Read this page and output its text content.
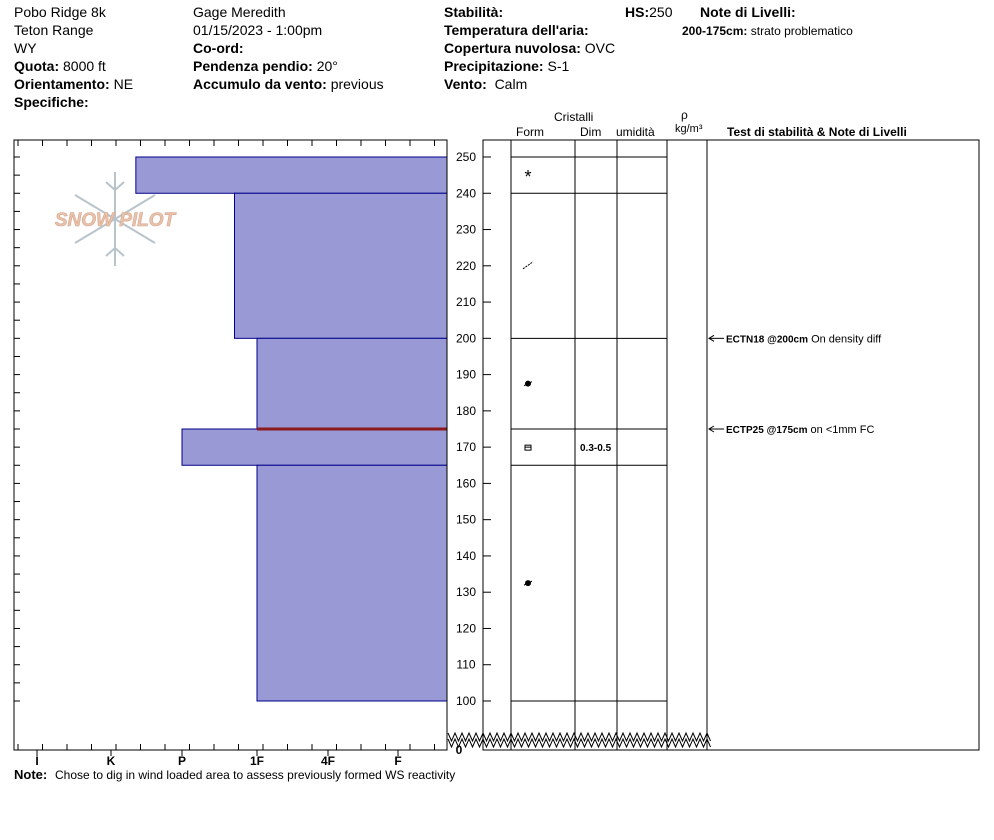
Pobo Ridge 8k
Teton Range
WY
Quota: 8000 ft
Orientamento: NE
Specifiche:
Gage Meredith
01/15/2023 - 1:00pm
Co-ord:
Pendenza pendio: 20°
Accumulo da vento: previous
Stabilità:
Temperatura dell'aria:
Copertura nuvolosa: OVC
Precipitazione: S-1
Vento: Calm
HS:250 Note di Livelli:
200-175cm: strato problematico
Cristalli
Form	Dim umidità
ρ
kg/m³ Test di stabilità & Note di Livelli
SNOW PILOT
I	K	P	1F	4F	F
100
110
120
130
140
150
160
170
180
190
200
210
220
230
240
250
0
*
0.3-0.5
ECTN18 @200cm On density diff
ECTP25 @175cm on <1mm FC
Note: Chose to dig in wind loaded area to assess previously formed WS reactivity
